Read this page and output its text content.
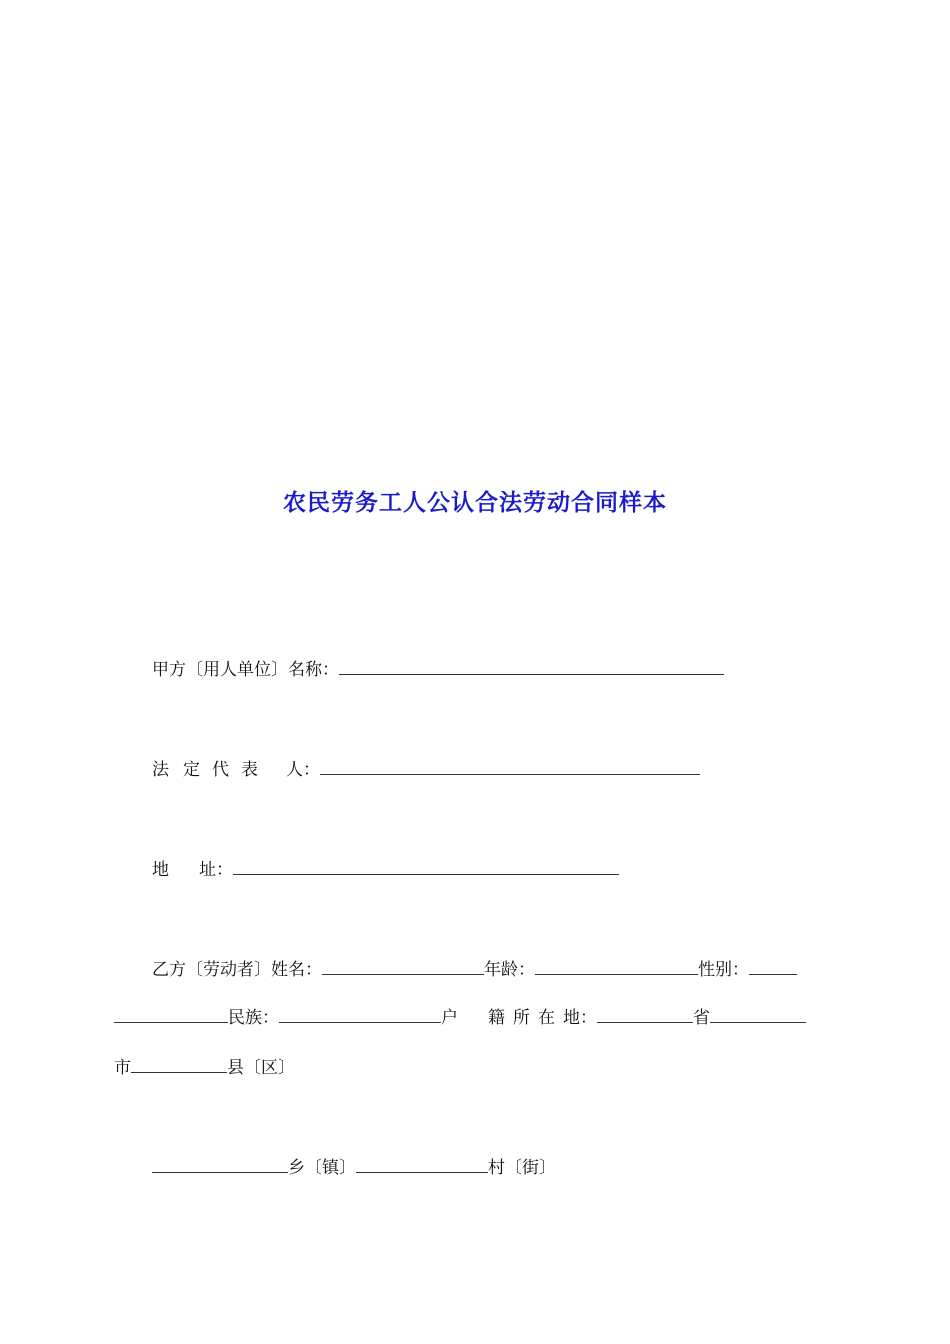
农民劳务工人公认合法劳动合同样本
甲方〔用人单位〕名称：
法 定 代 表 人：
地 址：
乙方〔劳动者〕姓名：	年龄：	性别：
民族：	户 籍 所 在 地：	省
市	县〔区〕
乡〔镇〕	村〔街〕
